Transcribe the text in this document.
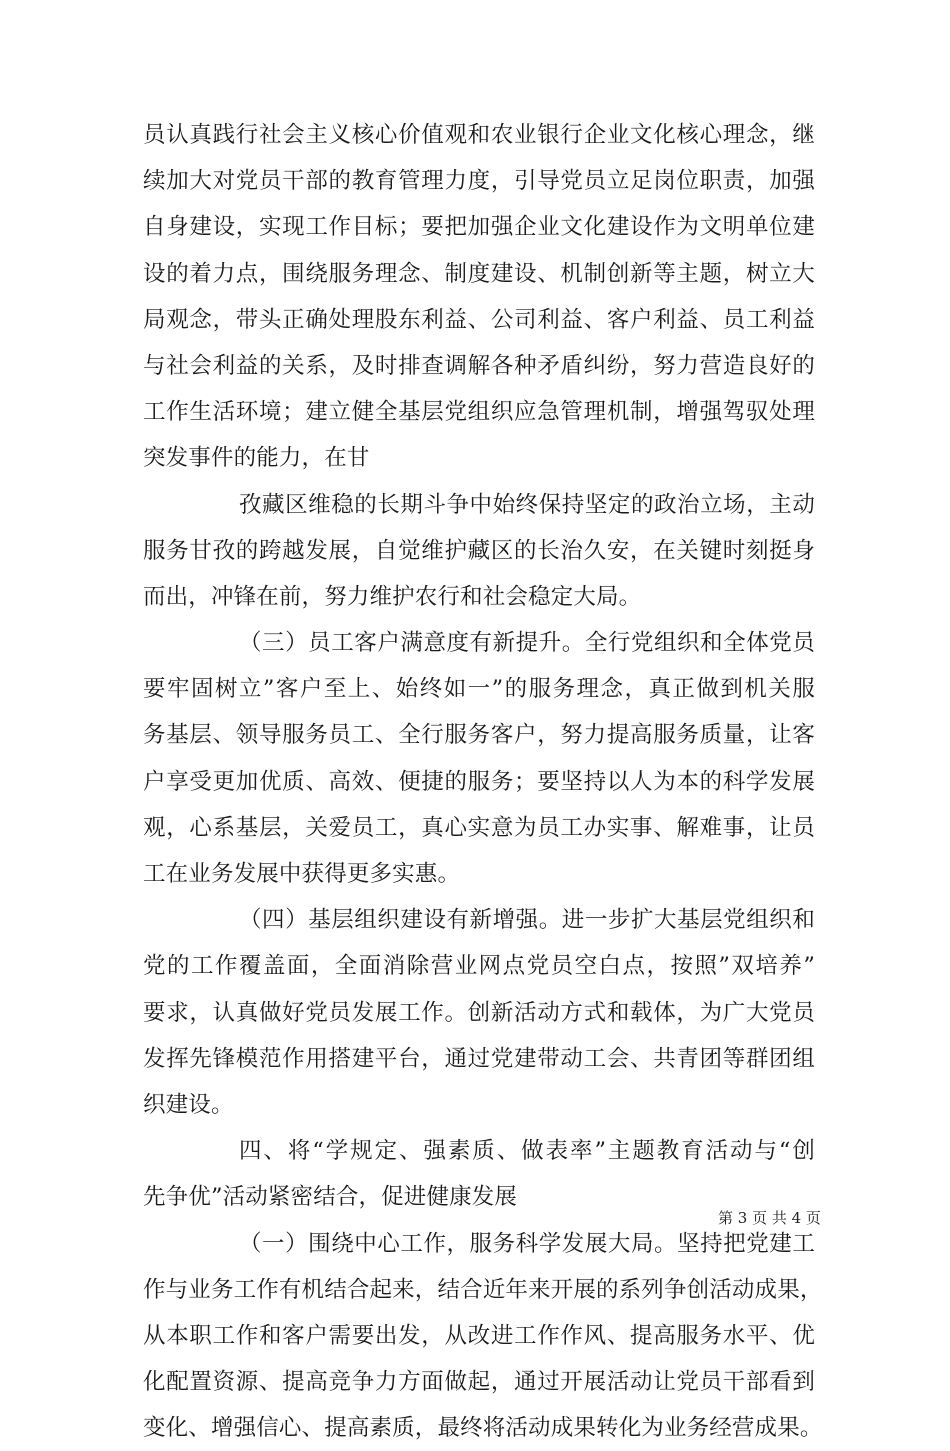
员认真践行社会主义核心价值观和农业银行企业文化核心理念，继
续加大对党员干部的教育管理力度，引导党员立足岗位职责，加强
自身建设，实现工作目标；要把加强企业文化建设作为文明单位建
设的着力点，围绕服务理念、制度建设、机制创新等主题，树立大
局观念，带头正确处理股东利益、公司利益、客户利益、员工利益
与社会利益的关系，及时排查调解各种矛盾纠纷，努力营造良好的
工作生活环境；建立健全基层党组织应急管理机制，增强驾驭处理
突发事件的能力，在甘
孜藏区维稳的长期斗争中始终保持坚定的政治立场，主动
服务甘孜的跨越发展，自觉维护藏区的长治久安，在关键时刻挺身
而出，冲锋在前，努力维护农行和社会稳定大局。
（三）员工客户满意度有新提升。全行党组织和全体党员
要牢固树立”客户至上、始终如一”的服务理念，真正做到机关服
务基层、领导服务员工、全行服务客户，努力提高服务质量，让客
户享受更加优质、高效、便捷的服务；要坚持以人为本的科学发展
观，心系基层，关爱员工，真心实意为员工办实事、解难事，让员
工在业务发展中获得更多实惠。
（四）基层组织建设有新增强。进一步扩大基层党组织和
党的工作覆盖面，全面消除营业网点党员空白点，按照”双培养”
要求，认真做好党员发展工作。创新活动方式和载体，为广大党员
发挥先锋模范作用搭建平台，通过党建带动工会、共青团等群团组
织建设。
四、将“学规定、强素质、做表率”主题教育活动与“创
先争优”活动紧密结合，促进健康发展
（一）围绕中心工作，服务科学发展大局。坚持把党建工
作与业务工作有机结合起来，结合近年来开展的系列争创活动成果，
从本职工作和客户需要出发，从改进工作作风、提高服务水平、优
化配置资源、提高竞争力方面做起，通过开展活动让党员干部看到
变化、增强信心、提高素质，最终将活动成果转化为业务经营成果。
第 3 页 共 4 页
